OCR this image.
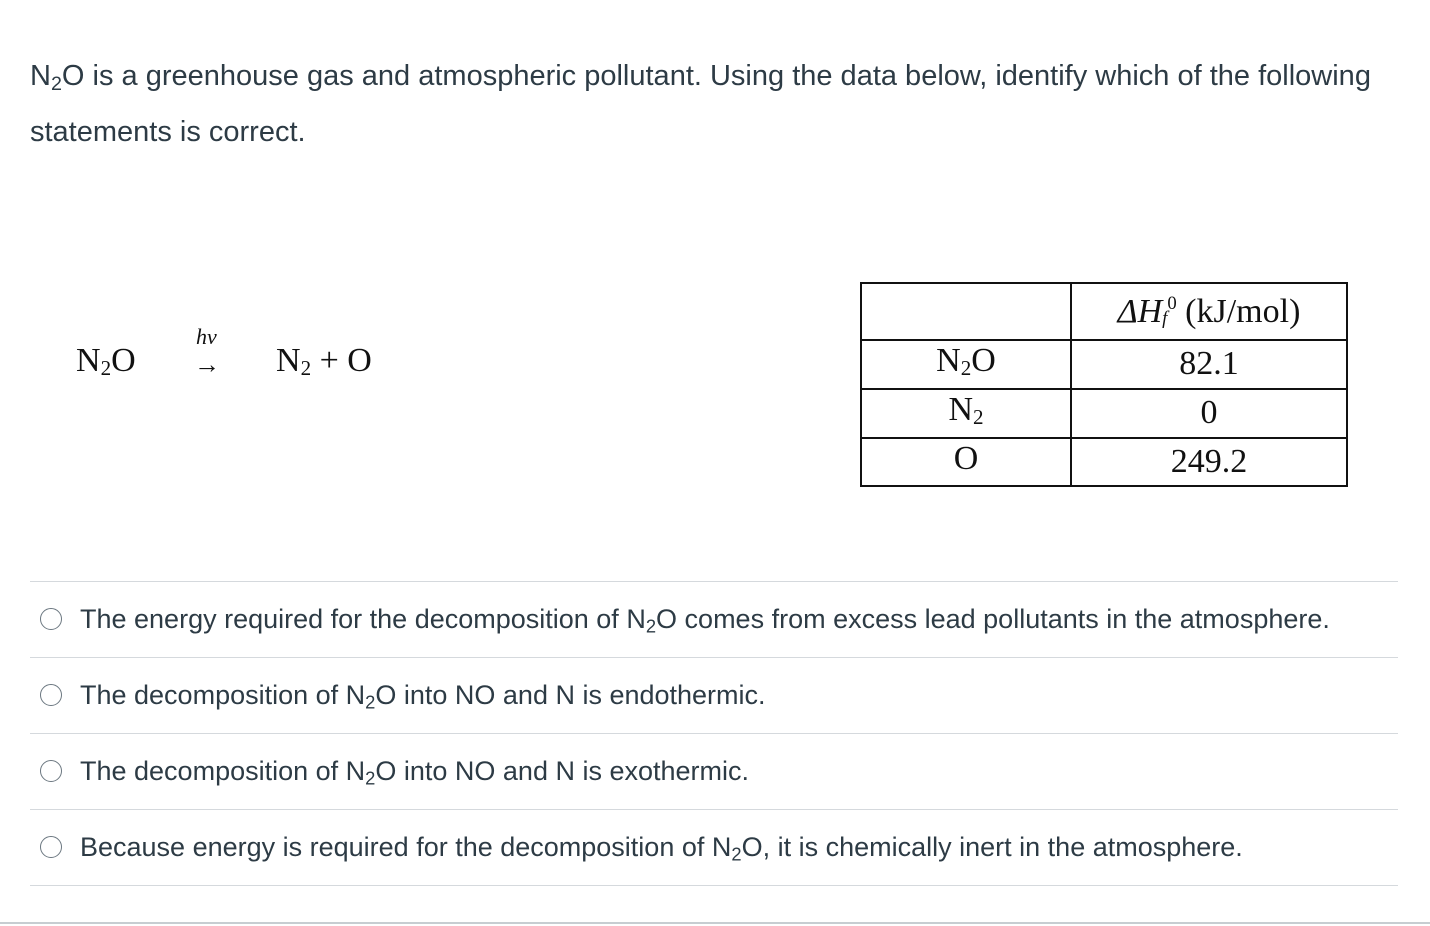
N2O is a greenhouse gas and atmospheric pollutant. Using the data below, identify which of the following statements is correct.
N2O
hv
→ N2 + O
	ΔHf$^0$ (kJ/mol)
N2O	82.1
N2	0
O	249.2
The energy required for the decomposition of N2O comes from excess lead pollutants in the atmosphere.
The decomposition of N2O into NO and N is endothermic.
The decomposition of N2O into NO and N is exothermic.
Because energy is required for the decomposition of N2O, it is chemically inert in the atmosphere.
